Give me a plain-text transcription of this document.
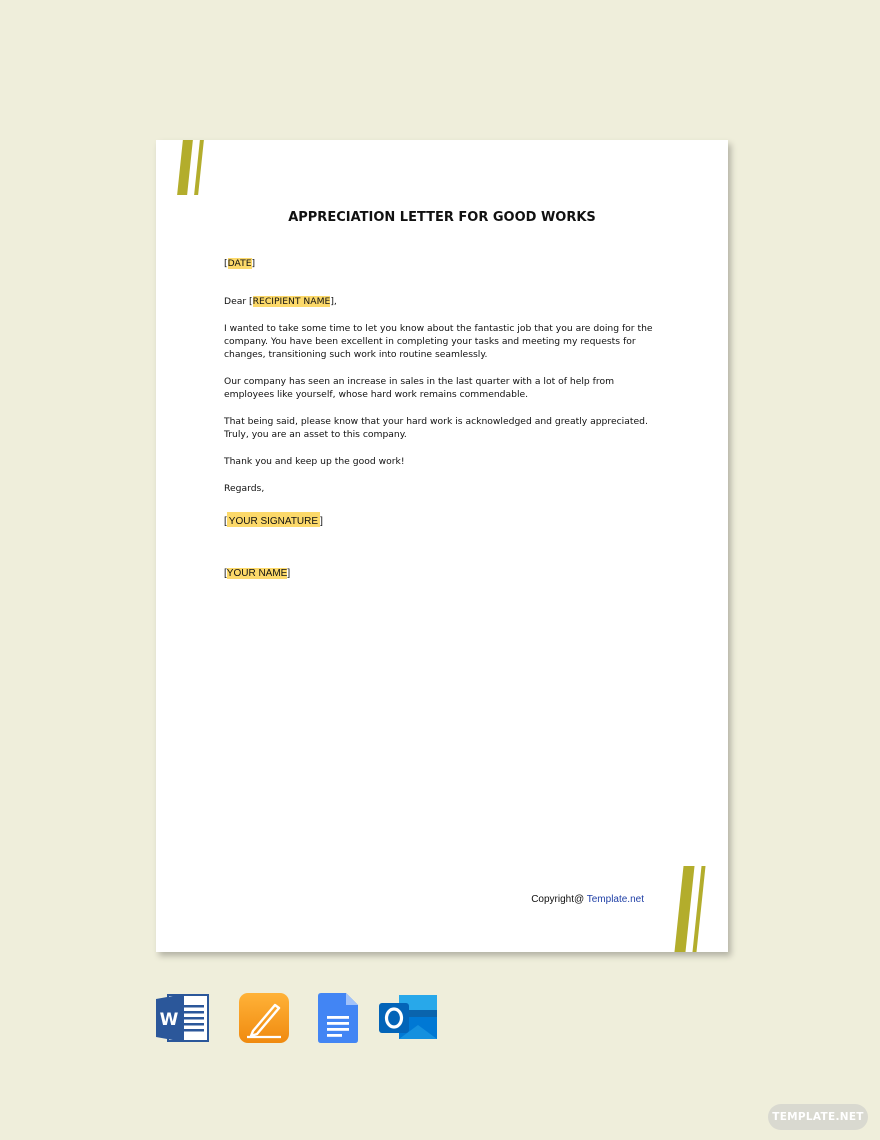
APPRECIATION LETTER FOR GOOD WORKS
[DATE]
Dear [RECIPIENT NAME],
I wanted to take some time to let you know about the fantastic job that you are doing for the company. You have been excellent in completing your tasks and meeting my requests for changes, transitioning such work into routine seamlessly.
Our company has seen an increase in sales in the last quarter with a lot of help from employees like yourself, whose hard work remains commendable.
That being said, please know that your hard work is acknowledged and greatly appreciated. Truly, you are an asset to this company.
Thank you and keep up the good work!
Regards,
[ YOUR SIGNATURE ]
[YOUR NAME]
Copyright@ Template.net
W
TEMPLATE.NET
